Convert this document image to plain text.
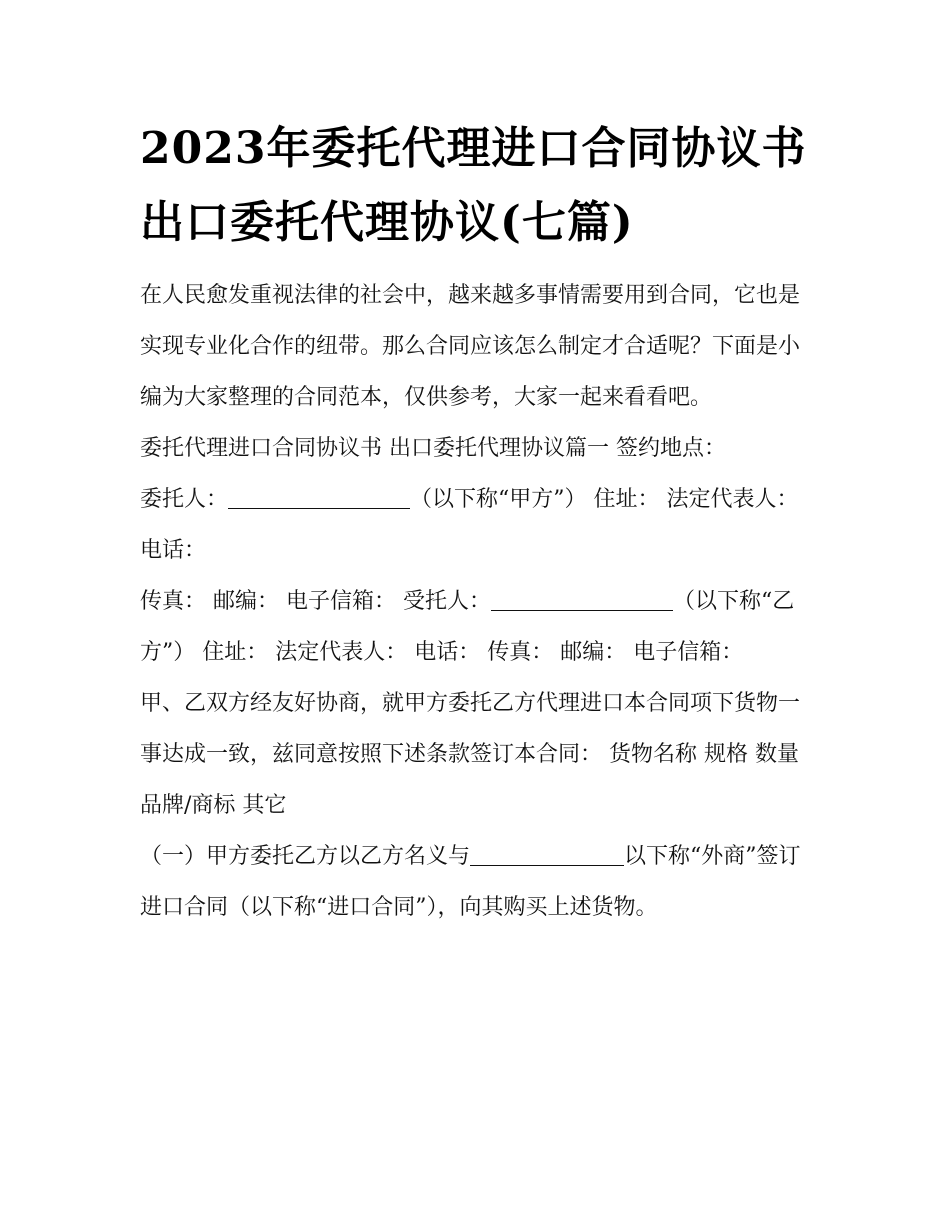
2023年委托代理进口合同协议书 出口委托代理协议(七篇)

在人民愈发重视法律的社会中，越来越多事情需要用到合同，它也是实现专业化合作的纽带。那么合同应该怎么制定才合适呢？下面是小编为大家整理的合同范本，仅供参考，大家一起来看看吧。

委托代理进口合同协议书 出口委托代理协议篇一 签约地点：

委托人：	（以下称“甲方”） 住址： 法定代表人： 电话：

传真： 邮编： 电子信箱： 受托人：	（以下称“乙方”） 住址： 法定代表人： 电话： 传真： 邮编： 电子信箱：

甲、乙双方经友好协商，就甲方委托乙方代理进口本合同项下货物一事达成一致，兹同意按照下述条款签订本合同： 货物名称 规格 数量 品牌/商标 其它

（一）甲方委托乙方以乙方名义与	以下称“外商”签订进口合同（以下称“进口合同”），向其购买上述货物。
